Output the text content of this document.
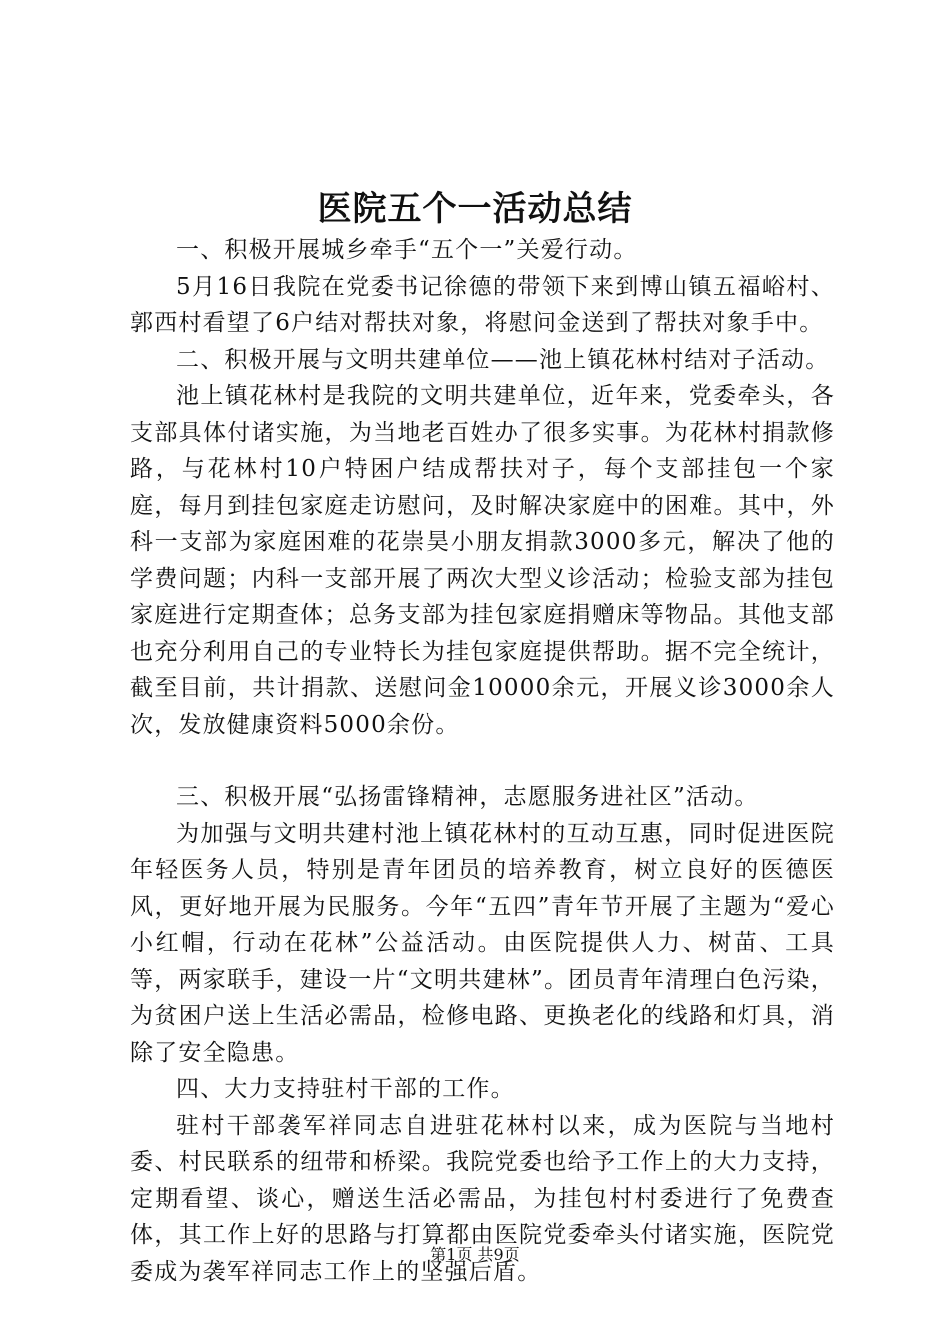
医院五个一活动总结

一、积极开展城乡牵手“五个一”关爱行动。

5月16日我院在党委书记徐德的带领下来到博山镇五福峪村、郭西村看望了6户结对帮扶对象，将慰问金送到了帮扶对象手中。

二、积极开展与文明共建单位——池上镇花林村结对子活动。

池上镇花林村是我院的文明共建单位，近年来，党委牵头，各支部具体付诸实施，为当地老百姓办了很多实事。为花林村捐款修路，与花林村10户特困户结成帮扶对子，每个支部挂包一个家庭，每月到挂包家庭走访慰问，及时解决家庭中的困难。其中，外科一支部为家庭困难的花崇昊小朋友捐款3000多元，解决了他的学费问题；内科一支部开展了两次大型义诊活动；检验支部为挂包家庭进行定期查体；总务支部为挂包家庭捐赠床等物品。其他支部也充分利用自己的专业特长为挂包家庭提供帮助。据不完全统计，截至目前，共计捐款、送慰问金10000余元，开展义诊3000余人次，发放健康资料5000余份。

三、积极开展“弘扬雷锋精神，志愿服务进社区”活动。

为加强与文明共建村池上镇花林村的互动互惠，同时促进医院年轻医务人员，特别是青年团员的培养教育，树立良好的医德医风，更好地开展为民服务。今年“五四”青年节开展了主题为“爱心小红帽，行动在花林”公益活动。由医院提供人力、树苗、工具等，两家联手，建设一片“文明共建林”。团员青年清理白色污染，为贫困户送上生活必需品，检修电路、更换老化的线路和灯具，消除了安全隐患。

四、大力支持驻村干部的工作。

驻村干部袭军祥同志自进驻花林村以来，成为医院与当地村委、村民联系的纽带和桥梁。我院党委也给予工作上的大力支持，定期看望、谈心，赠送生活必需品，为挂包村村委进行了免费查体，其工作上好的思路与打算都由医院党委牵头付诸实施，医院党委成为袭军祥同志工作上的坚强后盾。

第1页 共9页
